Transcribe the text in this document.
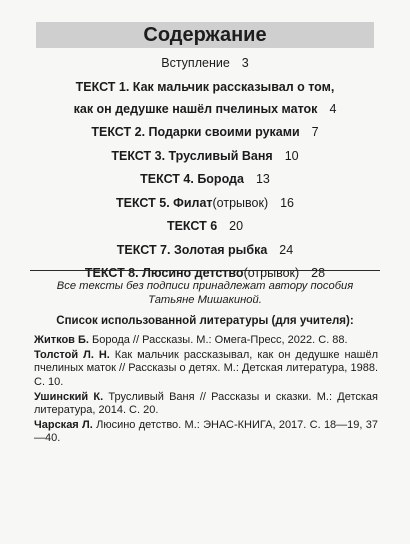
Содержание
Вступление 3
ТЕКСТ 1. Как мальчик рассказывал о том,
как он дедушке нашёл пчелиных маток 4
ТЕКСТ 2. Подарки своими руками 7
ТЕКСТ 3. Трусливый Ваня 10
ТЕКСТ 4. Борода 13
ТЕКСТ 5. Филат (отрывок) 16
ТЕКСТ 6 20
ТЕКСТ 7. Золотая рыбка 24
ТЕКСТ 8. Люсино детство (отрывок) 28
Все тексты без подписи принадлежат автору пособия
Татьяне Мишакиной.
Список использованной литературы (для учителя):
Житков Б. Борода // Рассказы. М.: Омега-Пресс, 2022. С. 88.
Толстой Л. Н. Как мальчик рассказывал, как он дедушке нашёл пчелиных маток // Рассказы о детях. М.: Детская литература, 1988. С. 10.
Ушинский К. Трусливый Ваня // Рассказы и сказки. М.: Детская литература, 2014. С. 20.
Чарская Л. Люсино детство. М.: ЭНАС-КНИГА, 2017. С. 18—19, 37—40.
